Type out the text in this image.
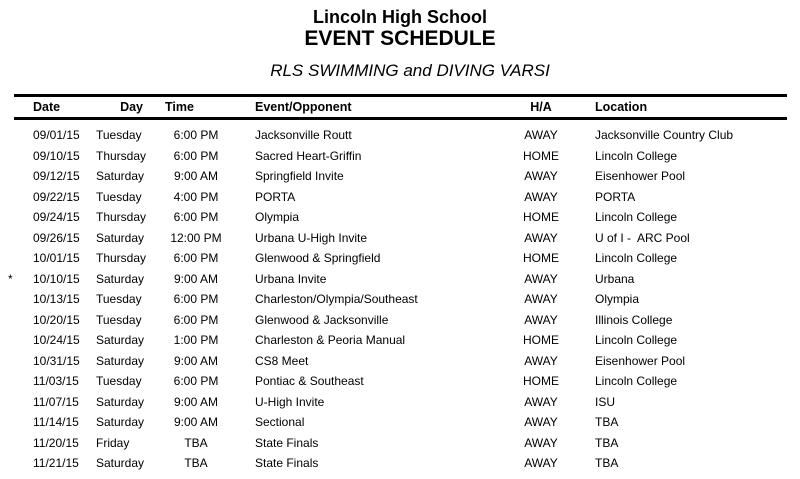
Lincoln High School
EVENT SCHEDULE
RLS SWIMMING and DIVING VARSI
Date	Day	Time	Event/Opponent	H/A	Location
09/01/15	Tuesday	6:00 PM	Jacksonville Routt	AWAY	Jacksonville Country Club
09/10/15	Thursday	6:00 PM	Sacred Heart-Griffin	HOME	Lincoln College
09/12/15	Saturday	9:00 AM	Springfield Invite	AWAY	Eisenhower Pool
09/22/15	Tuesday	4:00 PM	PORTA	AWAY	PORTA
09/24/15	Thursday	6:00 PM	Olympia	HOME	Lincoln College
09/26/15	Saturday	12:00 PM	Urbana U-High Invite	AWAY	U of I -  ARC Pool
10/01/15	Thursday	6:00 PM	Glenwood & Springfield	HOME	Lincoln College
*	10/10/15	Saturday	9:00 AM	Urbana Invite	AWAY	Urbana
10/13/15	Tuesday	6:00 PM	Charleston/Olympia/Southeast	AWAY	Olympia
10/20/15	Tuesday	6:00 PM	Glenwood & Jacksonville	AWAY	Illinois College
10/24/15	Saturday	1:00 PM	Charleston & Peoria Manual	HOME	Lincoln College
10/31/15	Saturday	9:00 AM	CS8 Meet	AWAY	Eisenhower Pool
11/03/15	Tuesday	6:00 PM	Pontiac & Southeast	HOME	Lincoln College
11/07/15	Saturday	9:00 AM	U-High Invite	AWAY	ISU
11/14/15	Saturday	9:00 AM	Sectional	AWAY	TBA
11/20/15	Friday	TBA	State Finals	AWAY	TBA
11/21/15	Saturday	TBA	State Finals	AWAY	TBA
